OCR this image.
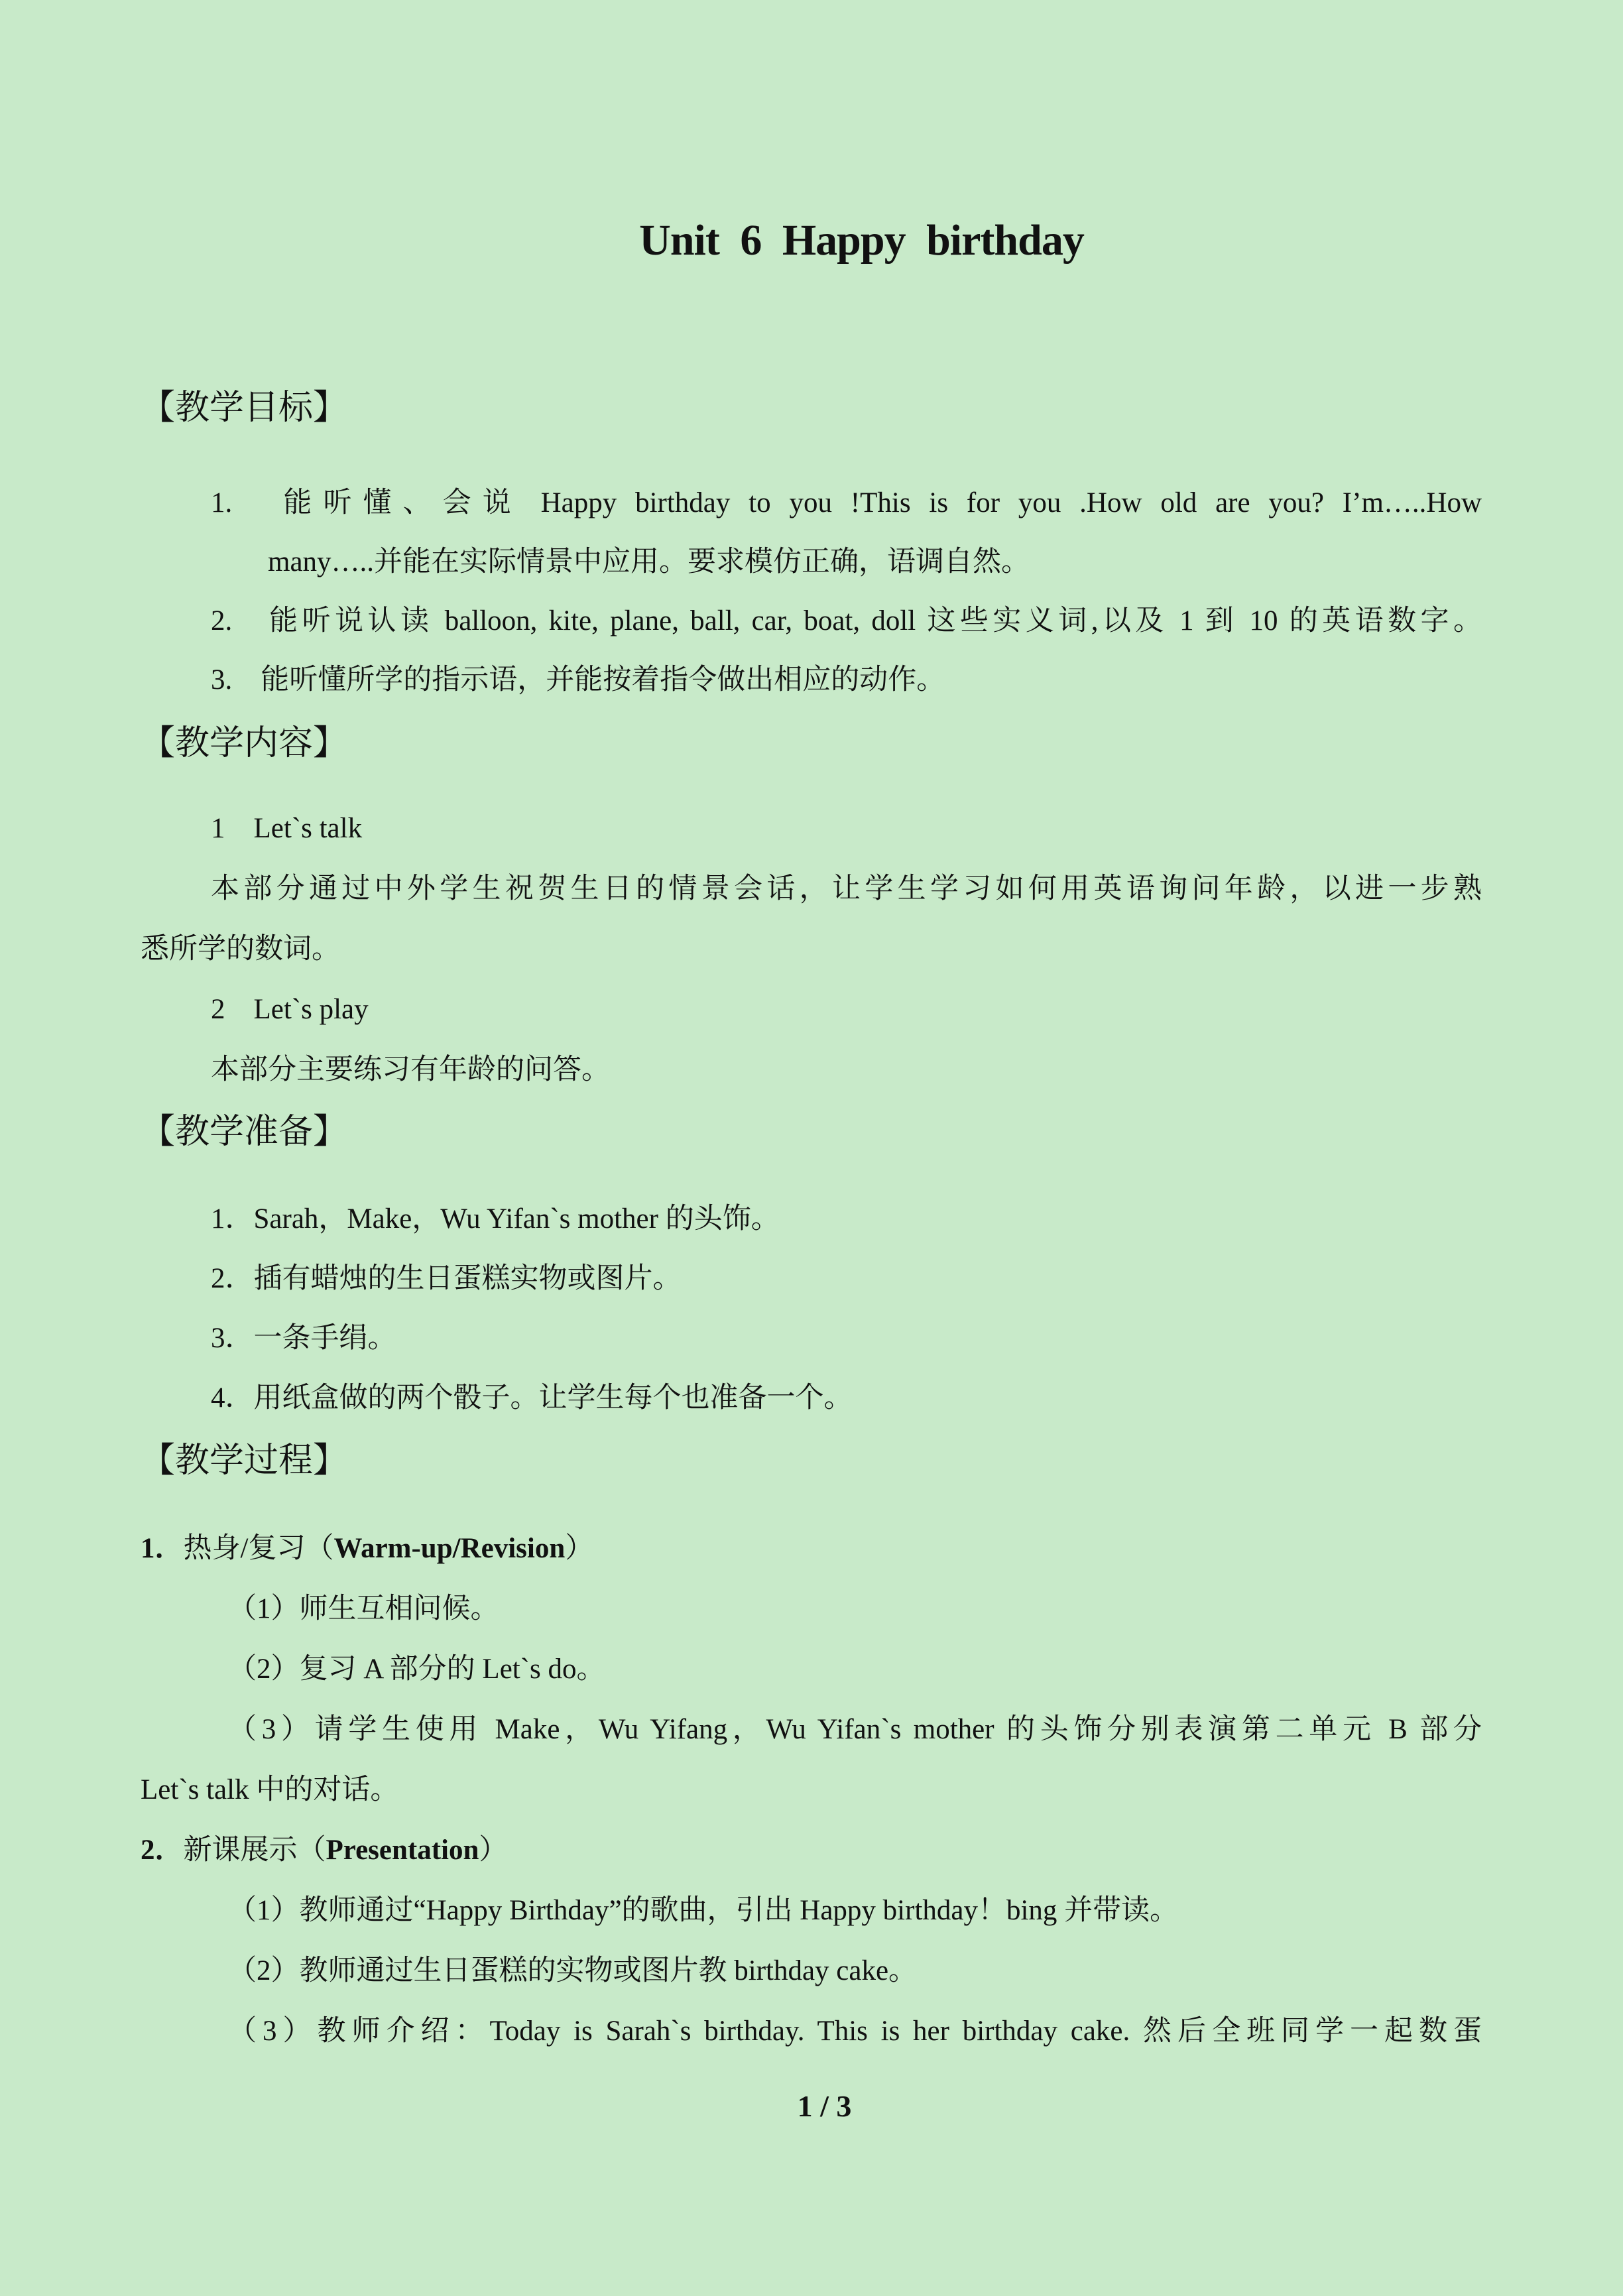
Unit 6 Happy birthday
【教学目标】
1.　能听懂、会说 Happy birthday to you !This is for you .How old are you? I’m…..How
many…..并能在实际情景中应用。要求模仿正确，语调自然。
2.　能听说认读 balloon, kite, plane, ball, car, boat, doll 这些实义词,以及 1 到 10 的英语数字。
3.　能听懂所学的指示语，并能按着指令做出相应的动作。
【教学内容】
1　Let`s talk
本部分通过中外学生祝贺生日的情景会话，让学生学习如何用英语询问年龄，以进一步熟
悉所学的数词。
2　Let`s play
本部分主要练习有年龄的问答。
【教学准备】
1．Sarah，Make，Wu Yifan`s mother 的头饰。
2．插有蜡烛的生日蛋糕实物或图片。
3．一条手绢。
4．用纸盒做的两个骰子。让学生每个也准备一个。
【教学过程】
1．热身/复习（Warm-up/Revision）
（1）师生互相问候。
（2）复习 A 部分的 Let`s do。
（3）请学生使用 Make，Wu Yifang，Wu Yifan`s mother 的头饰分别表演第二单元 B 部分
Let`s talk 中的对话。
2．新课展示（Presentation）
（1）教师通过“Happy Birthday”的歌曲，引出 Happy birthday！bing 并带读。
（2）教师通过生日蛋糕的实物或图片教 birthday cake。
（3）教师介绍：Today is Sarah`s birthday. This is her birthday cake. 然后全班同学一起数蛋
1 / 3
